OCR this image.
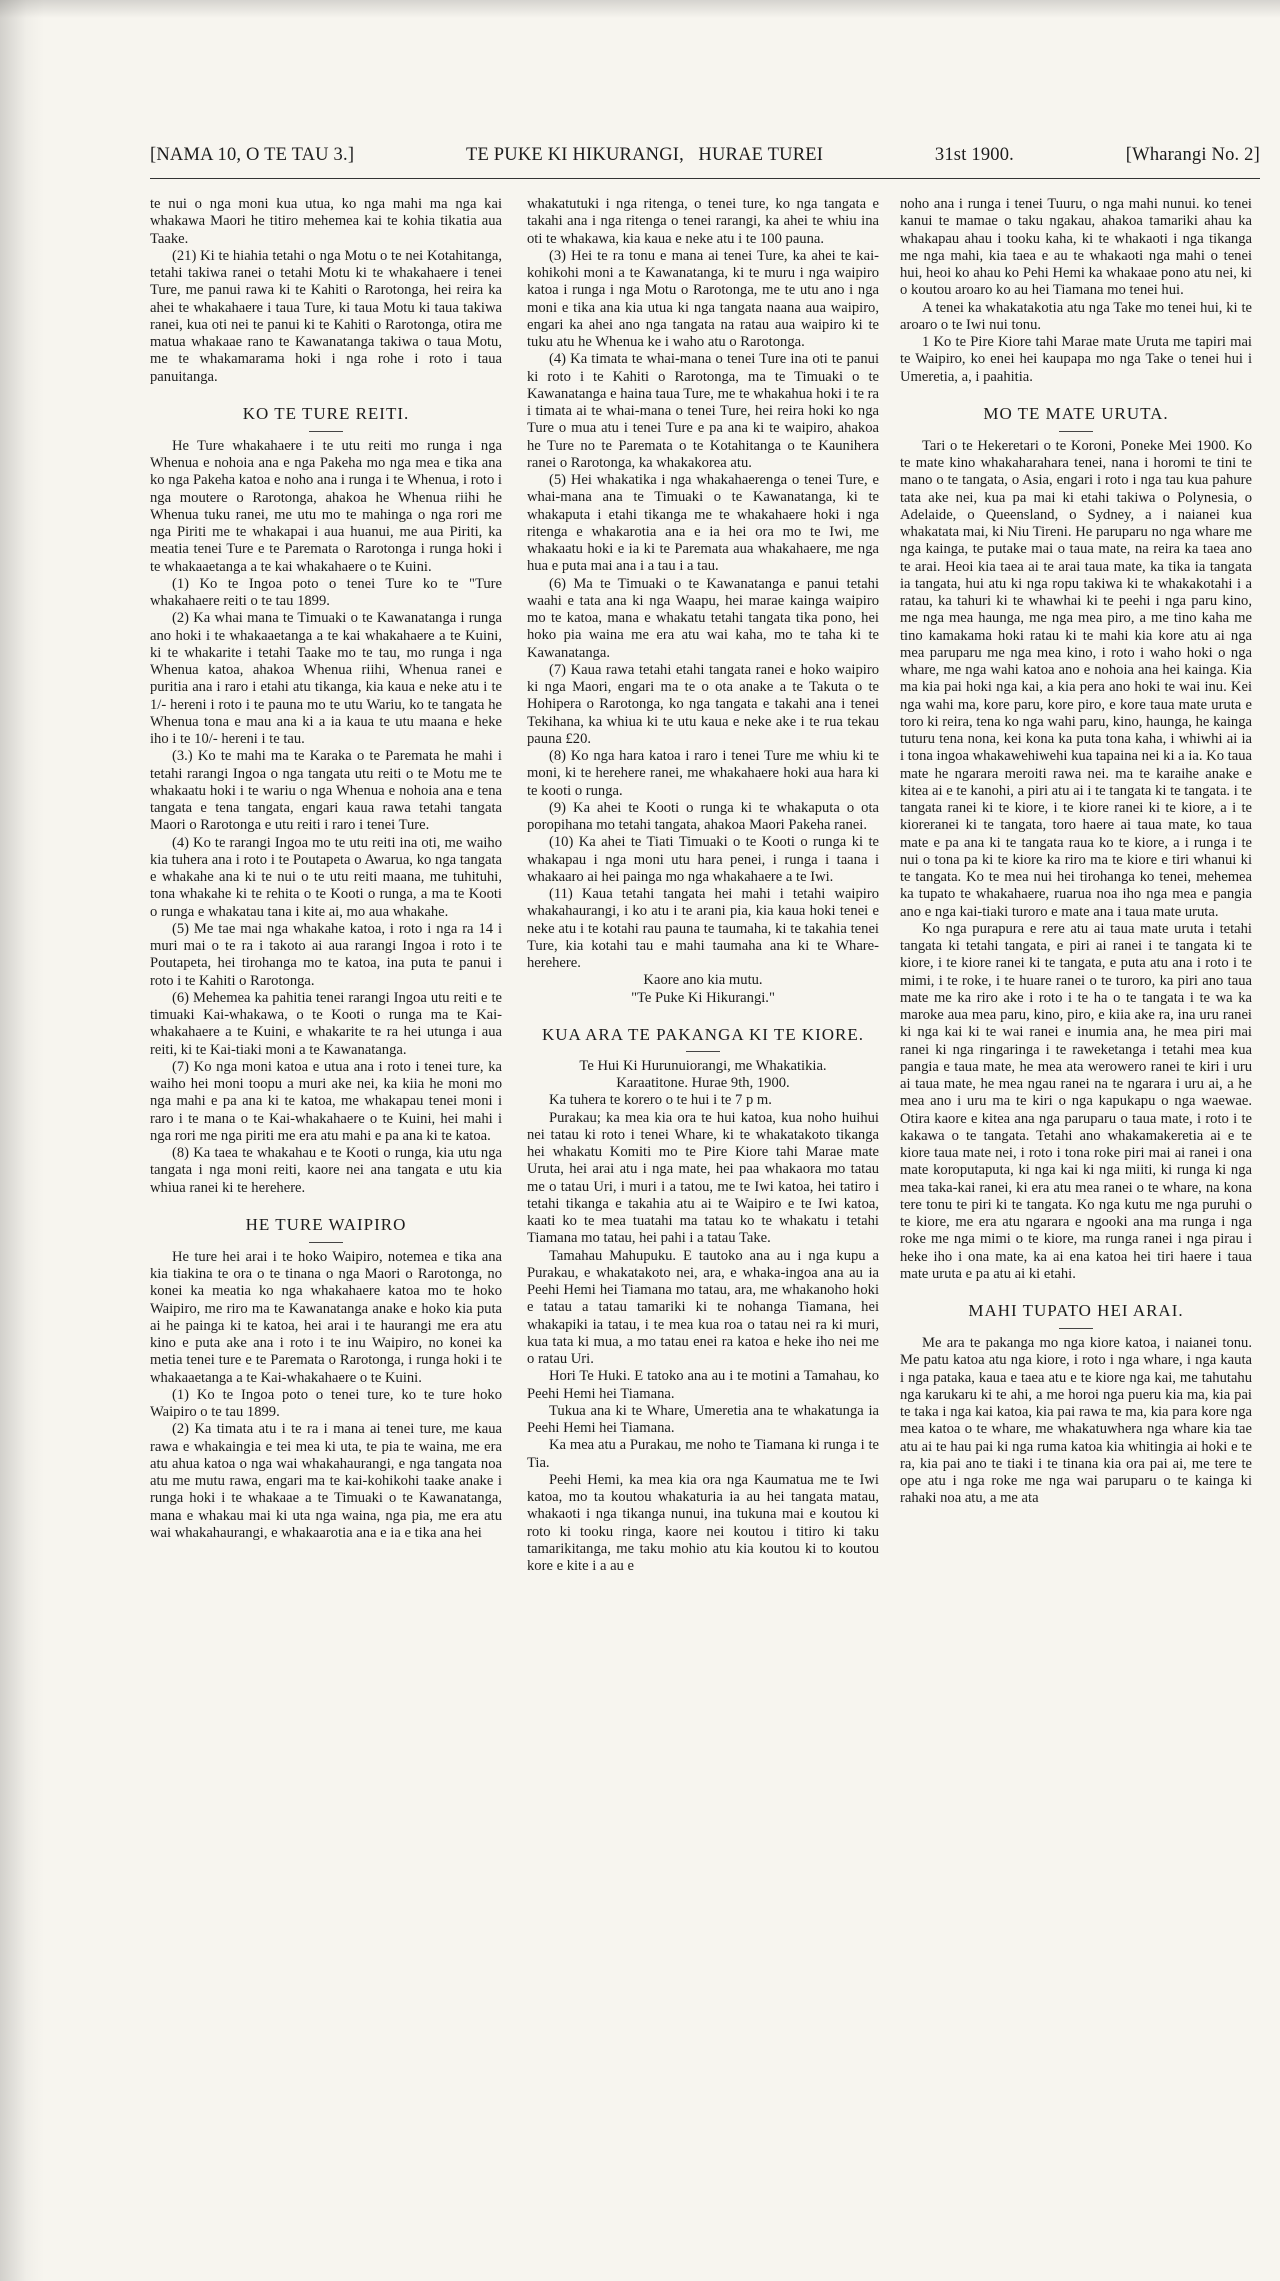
[NAMA 10, O TE TAU 3.]	TE PUKE KI HIKURANGI, HURAE TUREI	31st 1900.	[Wharangi No. 2]

te nui o nga moni kua utua, ko nga mahi ma nga kai whakawa Maori he titiro mehemea kai te kohia tikatia aua Taake.

(21) Ki te hiahia tetahi o nga Motu o te nei Kotahitanga, tetahi takiwa ranei o tetahi Motu ki te whakahaere i tenei Ture, me panui rawa ki te Kahiti o Rarotonga, hei reira ka ahei te whakahaere i taua Ture, ki taua Motu ki taua takiwa ranei, kua oti nei te panui ki te Kahiti o Rarotonga, otira me matua whakaae rano te Kawanatanga takiwa o taua Motu, me te whakamarama hoki i nga rohe i roto i taua panuitanga.

KO TE TURE REITI.

He Ture whakahaere i te utu reiti mo runga i nga Whenua e nohoia ana e nga Pakeha mo nga mea e tika ana ko nga Pakeha katoa e noho ana i runga i te Whenua, i roto i nga moutere o Rarotonga, ahakoa he Whenua riihi he Whenua tuku ranei, me utu mo te mahinga o nga rori me nga Piriti me te whakapai i aua huanui, me aua Piriti, ka meatia tenei Ture e te Paremata o Rarotonga i runga hoki i te whakaaetanga a te kai whakahaere o te Kuini.

(1) Ko te Ingoa poto o tenei Ture ko te "Ture whakahaere reiti o te tau 1899.

(2) Ka whai mana te Timuaki o te Kawanatanga i runga ano hoki i te whakaaetanga a te kai whakahaere a te Kuini, ki te whakarite i tetahi Taake mo te tau, mo runga i nga Whenua katoa, ahakoa Whenua riihi, Whenua ranei e puritia ana i raro i etahi atu tikanga, kia kaua e neke atu i te 1/- hereni i roto i te pauna mo te utu Wariu, ko te tangata he Whenua tona e mau ana ki a ia kaua te utu maana e heke iho i te 10/- hereni i te tau.

(3.) Ko te mahi ma te Karaka o te Paremata he mahi i tetahi rarangi Ingoa o nga tangata utu reiti o te Motu me te whakaatu hoki i te wariu o nga Whenua e nohoia ana e tena tangata e tena tangata, engari kaua rawa tetahi tangata Maori o Rarotonga e utu reiti i raro i tenei Ture.

(4) Ko te rarangi Ingoa mo te utu reiti ina oti, me waiho kia tuhera ana i roto i te Poutapeta o Awarua, ko nga tangata e whakahe ana ki te nui o te utu reiti maana, me tuhituhi, tona whakahe ki te rehita o te Kooti o runga, a ma te Kooti o runga e whakatau tana i kite ai, mo aua whakahe.

(5) Me tae mai nga whakahe katoa, i roto i nga ra 14 i muri mai o te ra i takoto ai aua rarangi Ingoa i roto i te Poutapeta, hei tirohanga mo te katoa, ina puta te panui i roto i te Kahiti o Rarotonga.

(6) Mehemea ka pahitia tenei rarangi Ingoa utu reiti e te timuaki Kai-whakawa, o te Kooti o runga ma te Kai-whakahaere a te Kuini, e whakarite te ra hei utunga i aua reiti, ki te Kai-tiaki moni a te Kawanatanga.

(7) Ko nga moni katoa e utua ana i roto i tenei ture, ka waiho hei moni toopu a muri ake nei, ka kiia he moni mo nga mahi e pa ana ki te katoa, me whakapau tenei moni i raro i te mana o te Kai-whakahaere o te Kuini, hei mahi i nga rori me nga piriti me era atu mahi e pa ana ki te katoa.

(8) Ka taea te whakahau e te Kooti o runga, kia utu nga tangata i nga moni reiti, kaore nei ana tangata e utu kia whiua ranei ki te herehere.

HE TURE WAIPIRO

He ture hei arai i te hoko Waipiro, notemea e tika ana kia tiakina te ora o te tinana o nga Maori o Rarotonga, no konei ka meatia ko nga whakahaere katoa mo te hoko Waipiro, me riro ma te Kawanatanga anake e hoko kia puta ai he painga ki te katoa, hei arai i te haurangi me era atu kino e puta ake ana i roto i te inu Waipiro, no konei ka metia tenei ture e te Paremata o Rarotonga, i runga hoki i te whakaaetanga a te Kai-whakahaere o te Kuini.

(1) Ko te Ingoa poto o tenei ture, ko te ture hoko Waipiro o te tau 1899.

(2) Ka timata atu i te ra i mana ai tenei ture, me kaua rawa e whakaingia e tei mea ki uta, te pia te waina, me era atu ahua katoa o nga wai whakahaurangi, e nga tangata noa atu me mutu rawa, engari ma te kai-kohikohi taake anake i runga hoki i te whakaae a te Timuaki o te Kawanatanga, mana e whakau mai ki uta nga waina, nga pia, me era atu wai whakahaurangi, e whakaarotia ana e ia e tika ana hei

whakatutuki i nga ritenga, o tenei ture, ko nga tangata e takahi ana i nga ritenga o tenei rarangi, ka ahei te whiu ina oti te whakawa, kia kaua e neke atu i te 100 pauna.

(3) Hei te ra tonu e mana ai tenei Ture, ka ahei te kai-kohikohi moni a te Kawanatanga, ki te muru i nga waipiro katoa i runga i nga Motu o Rarotonga, me te utu ano i nga moni e tika ana kia utua ki nga tangata naana aua waipiro, engari ka ahei ano nga tangata na ratau aua waipiro ki te tuku atu he Whenua ke i waho atu o Rarotonga.

(4) Ka timata te whai-mana o tenei Ture ina oti te panui ki roto i te Kahiti o Rarotonga, ma te Timuaki o te Kawanatanga e haina taua Ture, me te whakahua hoki i te ra i timata ai te whai-mana o tenei Ture, hei reira hoki ko nga Ture o mua atu i tenei Ture e pa ana ki te waipiro, ahakoa he Ture no te Paremata o te Kotahitanga o te Kaunihera ranei o Rarotonga, ka whakakorea atu.

(5) Hei whakatika i nga whakahaerenga o tenei Ture, e whai-mana ana te Timuaki o te Kawanatanga, ki te whakaputa i etahi tikanga me te whakahaere hoki i nga ritenga e whakarotia ana e ia hei ora mo te Iwi, me whakaatu hoki e ia ki te Paremata aua whakahaere, me nga hua e puta mai ana i a tau i a tau.

(6) Ma te Timuaki o te Kawanatanga e panui tetahi waahi e tata ana ki nga Waapu, hei marae kainga waipiro mo te katoa, mana e whakatu tetahi tangata tika pono, hei hoko pia waina me era atu wai kaha, mo te taha ki te Kawanatanga.

(7) Kaua rawa tetahi etahi tangata ranei e hoko waipiro ki nga Maori, engari ma te o ota anake a te Takuta o te Hohipera o Rarotonga, ko nga tangata e takahi ana i tenei Tekihana, ka whiua ki te utu kaua e neke ake i te rua tekau pauna £20.

(8) Ko nga hara katoa i raro i tenei Ture me whiu ki te moni, ki te herehere ranei, me whakahaere hoki aua hara ki te kooti o runga.

(9) Ka ahei te Kooti o runga ki te whakaputa o ota poropihana mo tetahi tangata, ahakoa Maori Pakeha ranei.

(10) Ka ahei te Tiati Timuaki o te Kooti o runga ki te whakapau i nga moni utu hara penei, i runga i taana i whakaaro ai hei painga mo nga whakahaere a te Iwi.

(11) Kaua tetahi tangata hei mahi i tetahi waipiro whakahaurangi, i ko atu i te arani pia, kia kaua hoki tenei e neke atu i te kotahi rau pauna te taumaha, ki te takahia tenei Ture, kia kotahi tau e mahi taumaha ana ki te Whare-herehere.

Kaore ano kia mutu.

"Te Puke Ki Hikurangi."

KUA ARA TE PAKANGA KI TE KIORE.

Te Hui Ki Hurunuiorangi, me Whakatikia.

Karaatitone. Hurae 9th, 1900.

Ka tuhera te korero o te hui i te 7 p m.

Purakau; ka mea kia ora te hui katoa, kua noho huihui nei tatau ki roto i tenei Whare, ki te whakatakoto tikanga hei whakatu Komiti mo te Pire Kiore tahi Marae mate Uruta, hei arai atu i nga mate, hei paa whakaora mo tatau me o tatau Uri, i muri i a tatou, me te Iwi katoa, hei tatiro i tetahi tikanga e takahia atu ai te Waipiro e te Iwi katoa, kaati ko te mea tuatahi ma tatau ko te whakatu i tetahi Tiamana mo tatau, hei pahi i a tatau Take.

Tamahau Mahupuku. E tautoko ana au i nga kupu a Purakau, e whakatakoto nei, ara, e whaka-ingoa ana au ia Peehi Hemi hei Tiamana mo tatau, ara, me whakanoho hoki e tatau a tatau tamariki ki te nohanga Tiamana, hei whakapiki ia tatau, i te mea kua roa o tatau nei ra ki muri, kua tata ki mua, a mo tatau enei ra katoa e heke iho nei me o ratau Uri.

Hori Te Huki. E tatoko ana au i te motini a Tamahau, ko Peehi Hemi hei Tiamana.

Tukua ana ki te Whare, Umeretia ana te whakatunga ia Peehi Hemi hei Tiamana.

Ka mea atu a Purakau, me noho te Tiamana ki runga i te Tia.

Peehi Hemi, ka mea kia ora nga Kaumatua me te Iwi katoa, mo ta koutou whakaturia ia au hei tangata matau, whakaoti i nga tikanga nunui, ina tukuna mai e koutou ki roto ki tooku ringa, kaore nei koutou i titiro ki taku tamarikitanga, me taku mohio atu kia koutou ki to koutou kore e kite i a au e

noho ana i runga i tenei Tuuru, o nga mahi nunui. ko tenei kanui te mamae o taku ngakau, ahakoa tamariki ahau ka whakapau ahau i tooku kaha, ki te whakaoti i nga tikanga me nga mahi, kia taea e au te whakaoti nga mahi o tenei hui, heoi ko ahau ko Pehi Hemi ka whakaae pono atu nei, ki o koutou aroaro ko au hei Tiamana mo tenei hui.

A tenei ka whakatakotia atu nga Take mo tenei hui, ki te aroaro o te Iwi nui tonu.

1 Ko te Pire Kiore tahi Marae mate Uruta me tapiri mai te Waipiro, ko enei hei kaupapa mo nga Take o tenei hui i Umeretia, a, i paahitia.

MO TE MATE URUTA.

Tari o te Hekeretari o te Koroni, Poneke Mei 1900. Ko te mate kino whakaharahara tenei, nana i horomi te tini te mano o te tangata, o Asia, engari i roto i nga tau kua pahure tata ake nei, kua pa mai ki etahi takiwa o Polynesia, o Adelaide, o Queensland, o Sydney, a i naianei kua whakatata mai, ki Niu Tireni. He paruparu no nga whare me nga kainga, te putake mai o taua mate, na reira ka taea ano te arai. Heoi kia taea ai te arai taua mate, ka tika ia tangata ia tangata, hui atu ki nga ropu takiwa ki te whakakotahi i a ratau, ka tahuri ki te whawhai ki te peehi i nga paru kino, me nga mea haunga, me nga mea piro, a me tino kaha me tino kamakama hoki ratau ki te mahi kia kore atu ai nga mea paruparu me nga mea kino, i roto i waho hoki o nga whare, me nga wahi katoa ano e nohoia ana hei kainga. Kia ma kia pai hoki nga kai, a kia pera ano hoki te wai inu. Kei nga wahi ma, kore paru, kore piro, e kore taua mate uruta e toro ki reira, tena ko nga wahi paru, kino, haunga, he kainga tuturu tena nona, kei kona ka puta tona kaha, i whiwhi ai ia i tona ingoa whakawehiwehi kua tapaina nei ki a ia. Ko taua mate he ngarara meroiti rawa nei. ma te karaihe anake e kitea ai e te kanohi, a piri atu ai i te tangata ki te tangata. i te tangata ranei ki te kiore, i te kiore ranei ki te kiore, a i te kioreranei ki te tangata, toro haere ai taua mate, ko taua mate e pa ana ki te tangata raua ko te kiore, a i runga i te nui o tona pa ki te kiore ka riro ma te kiore e tiri whanui ki te tangata. Ko te mea nui hei tirohanga ko tenei, mehemea ka tupato te whakahaere, ruarua noa iho nga mea e pangia ano e nga kai-tiaki turoro e mate ana i taua mate uruta.

Ko nga purapura e rere atu ai taua mate uruta i tetahi tangata ki tetahi tangata, e piri ai ranei i te tangata ki te kiore, i te kiore ranei ki te tangata, e puta atu ana i roto i te mimi, i te roke, i te huare ranei o te turoro, ka piri ano taua mate me ka riro ake i roto i te ha o te tangata i te wa ka maroke aua mea paru, kino, piro, e kiia ake ra, ina uru ranei ki nga kai ki te wai ranei e inumia ana, he mea piri mai ranei ki nga ringaringa i te raweketanga i tetahi mea kua pangia e taua mate, he mea ata werowero ranei te kiri i uru ai taua mate, he mea ngau ranei na te ngarara i uru ai, a he mea ano i uru ma te kiri o nga kapukapu o nga waewae. Otira kaore e kitea ana nga paruparu o taua mate, i roto i te kakawa o te tangata. Tetahi ano whakamakeretia ai e te kiore taua mate nei, i roto i tona roke piri mai ai ranei i ona mate koroputaputa, ki nga kai ki nga miiti, ki runga ki nga mea taka-kai ranei, ki era atu mea ranei o te whare, na kona tere tonu te piri ki te tangata. Ko nga kutu me nga puruhi o te kiore, me era atu ngarara e ngooki ana ma runga i nga roke me nga mimi o te kiore, ma runga ranei i nga pirau i heke iho i ona mate, ka ai ena katoa hei tiri haere i taua mate uruta e pa atu ai ki etahi.

MAHI TUPATO HEI ARAI.

Me ara te pakanga mo nga kiore katoa, i naianei tonu. Me patu katoa atu nga kiore, i roto i nga whare, i nga kauta i nga pataka, kaua e taea atu e te kiore nga kai, me tahutahu nga karukaru ki te ahi, a me horoi nga pueru kia ma, kia pai te taka i nga kai katoa, kia pai rawa te ma, kia para kore nga mea katoa o te whare, me whakatuwhera nga whare kia tae atu ai te hau pai ki nga ruma katoa kia whitingia ai hoki e te ra, kia pai ano te tiaki i te tinana kia ora pai ai, me tere te ope atu i nga roke me nga wai paruparu o te kainga ki rahaki noa atu, a me ata
